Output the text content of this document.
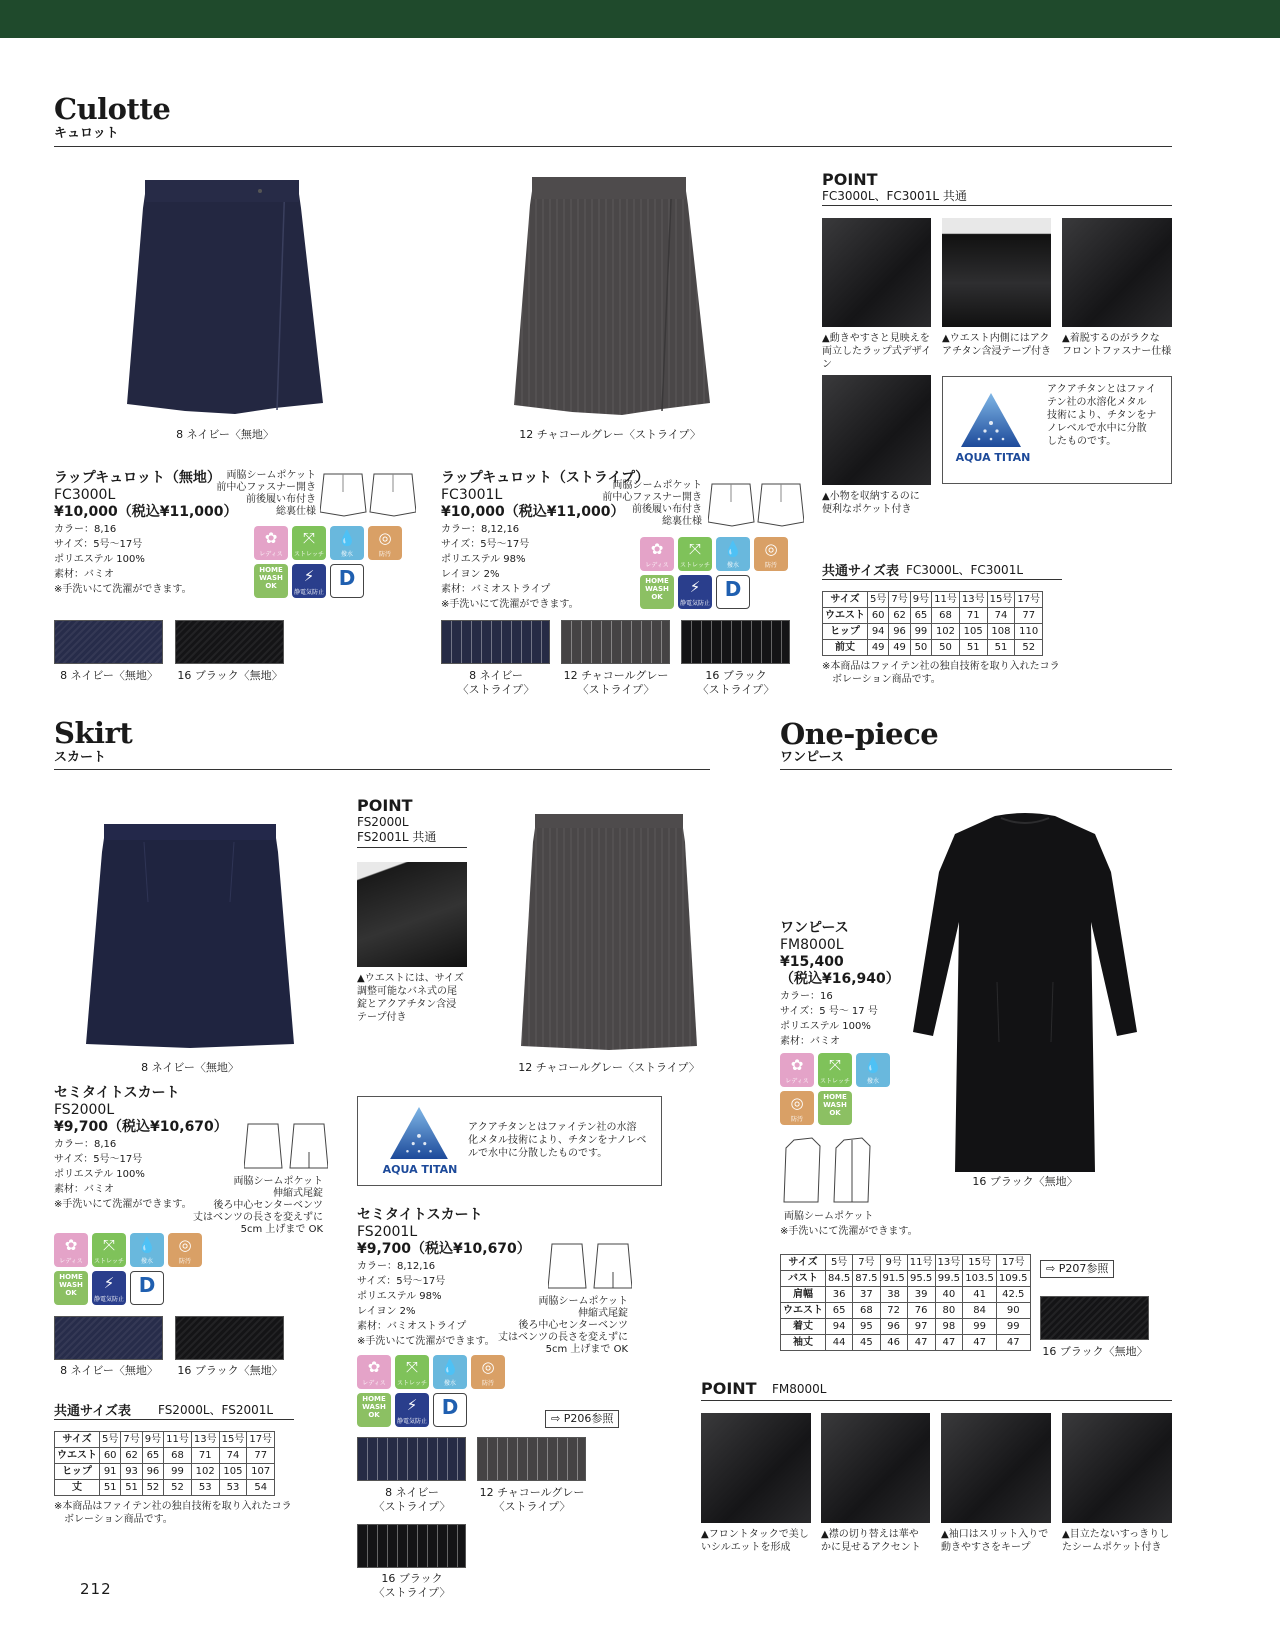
Culotte
キュロット
8 ネイビー〈無地〉	12 チャコールグレー〈ストライプ〉
ラップキュロット（無地）
FC3000L
¥10,000（税込¥11,000）
カラー：8,16
サイズ：5号〜17号
ポリエステル 100%
素材：バミオ
※手洗いにて洗濯ができます。
両脇シームポケット
前中心ファスナー開き
前後履い布付き
総裏仕様
✿
レディス
⤧
ストレッチ
💧
撥水
◎
防汚
HOME WASH OK
⚡
静電気防止
D
8 ネイビー〈無地〉	16 ブラック〈無地〉
ラップキュロット（ストライプ）
FC3001L
¥10,000（税込¥11,000）
カラー：8,12,16
サイズ：5号〜17号
ポリエステル 98%
レイヨン 2%
素材：バミオストライプ
※手洗いにて洗濯ができます。
両脇シームポケット
前中心ファスナー開き
前後履い布付き
総裏仕様
✿
レディス
⤧
ストレッチ
💧
撥水
◎
防汚
HOME WASH OK
⚡
静電気防止
D
8 ネイビー
〈ストライプ〉
12 チャコールグレー
〈ストライプ〉
16 ブラック
〈ストライプ〉
POINT
FC3000L、FC3001L 共通
▲動きやすさと見映えを
両立したラップ式デザイン
▲ウエスト内側にはアク
アチタン含浸テープ付き
▲着脱するのがラクな
フロントファスナー仕様
▲小物を収納するのに
便利なポケット付き
AQUA TITAN
アクアチタンとはファイ
テン社の水溶化メタル
技術により、チタンをナ
ノレベルで水中に分散
したものです。
共通サイズ表 FC3000L、FC3001L
サイズ	5号	7号	9号	11号	13号	15号	17号
ウエスト	60	62	65	68	71	74	77
ヒップ	94	96	99	102	105	108	110
前丈	49	49	50	50	51	51	52
※本商品はファイテン社の独自技術を取り入れたコラ
ボレーション商品です。
Skirt
スカート
8 ネイビー〈無地〉
POINT
FS2000L
FS2001L 共通
▲ウエストには、サイズ
調整可能なバネ式の尾
錠とアクアチタン含浸
テープ付き
12 チャコールグレー〈ストライプ〉
AQUA TITAN
アクアチタンとはファイテン社の水溶
化メタル技術により、チタンをナノレベ
ルで水中に分散したものです。
セミタイトスカート
FS2000L
¥9,700（税込¥10,670）
カラー：8,16
サイズ：5号〜17号
ポリエステル 100%
素材：バミオ
※手洗いにて洗濯ができます。
両脇シームポケット
伸縮式尾錠
後ろ中心センターベンツ
丈はベンツの長さを変えずに
5cm 上げまで OK
✿
レディス
⤧
ストレッチ
💧
撥水
◎
防汚
HOME WASH OK
⚡
静電気防止
D
8 ネイビー〈無地〉	16 ブラック〈無地〉
共通サイズ表 FS2000L、FS2001L
サイズ	5号	7号	9号	11号	13号	15号	17号
ウエスト	60	62	65	68	71	74	77
ヒップ	91	93	96	99	102	105	107
丈	51	51	52	52	53	53	54
※本商品はファイテン社の独自技術を取り入れたコラ
ボレーション商品です。
セミタイトスカート
FS2001L
¥9,700（税込¥10,670）
カラー：8,12,16
サイズ：5号〜17号
ポリエステル 98%
レイヨン 2%
素材：バミオストライプ
※手洗いにて洗濯ができます。
両脇シームポケット
伸縮式尾錠
後ろ中心センターベンツ
丈はベンツの長さを変えずに
5cm 上げまで OK
✿
レディス
⤧
ストレッチ
💧
撥水
◎
防汚
HOME WASH OK
⚡
静電気防止
D	⇨ P206参照
8 ネイビー
〈ストライプ〉
12 チャコールグレー
〈ストライプ〉
16 ブラック
〈ストライプ〉
212
One-piece
ワンピース
16 ブラック〈無地〉
ワンピース
FM8000L
¥15,400
（税込¥16,940）
カラー：16
サイズ：5 号〜 17 号
ポリエステル 100%
素材：バミオ
✿
レディス
⤧
ストレッチ
💧
撥水
◎
防汚
HOME WASH OK
両脇シームポケット
※手洗いにて洗濯ができます。
サイズ	5号	7号	9号	11号	13号	15号	17号
バスト	84.5	87.5	91.5	95.5	99.5	103.5	109.5
肩幅	36	37	38	39	40	41	42.5
ウエスト	65	68	72	76	80	84	90
着丈	94	95	96	97	98	99	99
袖丈	44	45	46	47	47	47	47
⇨ P207参照
16 ブラック〈無地〉
POINT FM8000L
▲フロントタックで美し
いシルエットを形成
▲襟の切り替えは華や
かに見せるアクセント
▲袖口はスリット入りで
動きやすさをキープ
▲目立たないすっきりし
たシームポケット付き
